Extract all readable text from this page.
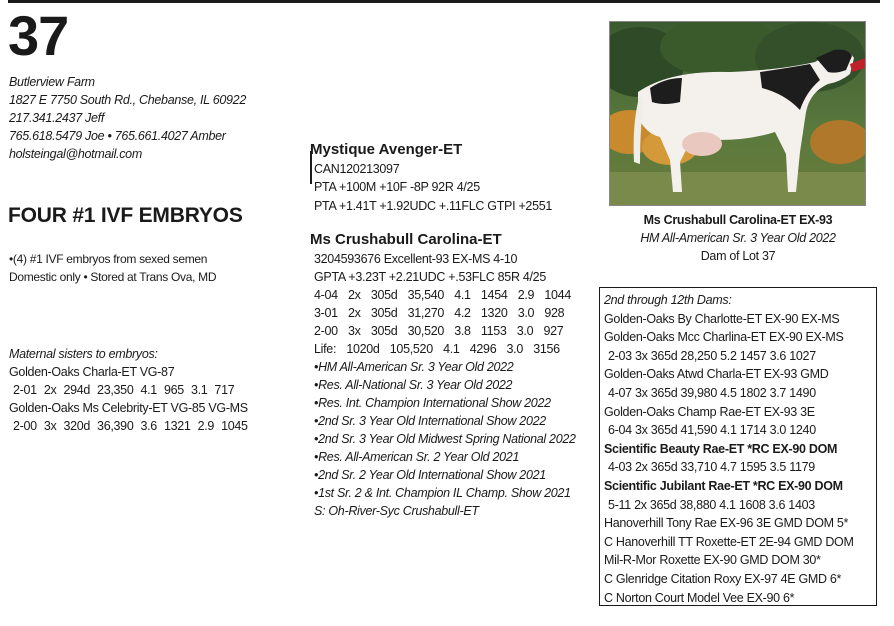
37
Butlerview Farm
1827 E 7750 South Rd., Chebanse, IL 60922
217.341.2437 Jeff
765.618.5479 Joe • 765.661.4027 Amber
holsteingal@hotmail.com
FOUR #1 IVF EMBRYOS
•(4) #1 IVF embryos from sexed semen
Domestic only • Stored at Trans Ova, MD
Maternal sisters to embryos:
Golden-Oaks Charla-ET VG-87
2-01 2x 294d 23,350 4.1 965 3.1 717
Golden-Oaks Ms Celebrity-ET VG-85 VG-MS
2-00 3x 320d 36,390 3.6 1321 2.9 1045
Mystique Avenger-ET
CAN120213097
PTA +100M +10F -8P 92R 4/25
PTA +1.41T +1.92UDC +.11FLC GTPI +2551
Ms Crushabull Carolina-ET
3204593676 Excellent-93 EX-MS 4-10
GPTA +3.23T +2.21UDC +.53FLC 85R 4/25
4-04 2x 305d 35,540 4.1 1454 2.9 1044
3-01 2x 305d 31,270 4.2 1320 3.0 928
2-00 3x 305d 30,520 3.8 1153 3.0 927
Life: 1020d 105,520 4.1 4296 3.0 3156
•HM All-American Sr. 3 Year Old 2022
•Res. All-National Sr. 3 Year Old 2022
•Res. Int. Champion International Show 2022
•2nd Sr. 3 Year Old International Show 2022
•2nd Sr. 3 Year Old Midwest Spring National 2022
•Res. All-American Sr. 2 Year Old 2021
•2nd Sr. 2 Year Old International Show 2021
•1st Sr. 2 & Int. Champion IL Champ. Show 2021
S: Oh-River-Syc Crushabull-ET
Ms Crushabull Carolina-ET EX-93
HM All-American Sr. 3 Year Old 2022
Dam of Lot 37
2nd through 12th Dams:
Golden-Oaks By Charlotte-ET EX-90 EX-MS
Golden-Oaks Mcc Charlina-ET EX-90 EX-MS
2-03 3x 365d 28,250 5.2 1457 3.6 1027
Golden-Oaks Atwd Charla-ET EX-93 GMD
4-07 3x 365d 39,980 4.5 1802 3.7 1490
Golden-Oaks Champ Rae-ET EX-93 3E
6-04 3x 365d 41,590 4.1 1714 3.0 1240
Scientific Beauty Rae-ET *RC EX-90 DOM
4-03 2x 365d 33,710 4.7 1595 3.5 1179
Scientific Jubilant Rae-ET *RC EX-90 DOM
5-11 2x 365d 38,880 4.1 1608 3.6 1403
Hanoverhill Tony Rae EX-96 3E GMD DOM 5*
C Hanoverhill TT Roxette-ET 2E-94 GMD DOM
Mil-R-Mor Roxette EX-90 GMD DOM 30*
C Glenridge Citation Roxy EX-97 4E GMD 6*
C Norton Court Model Vee EX-90 6*
